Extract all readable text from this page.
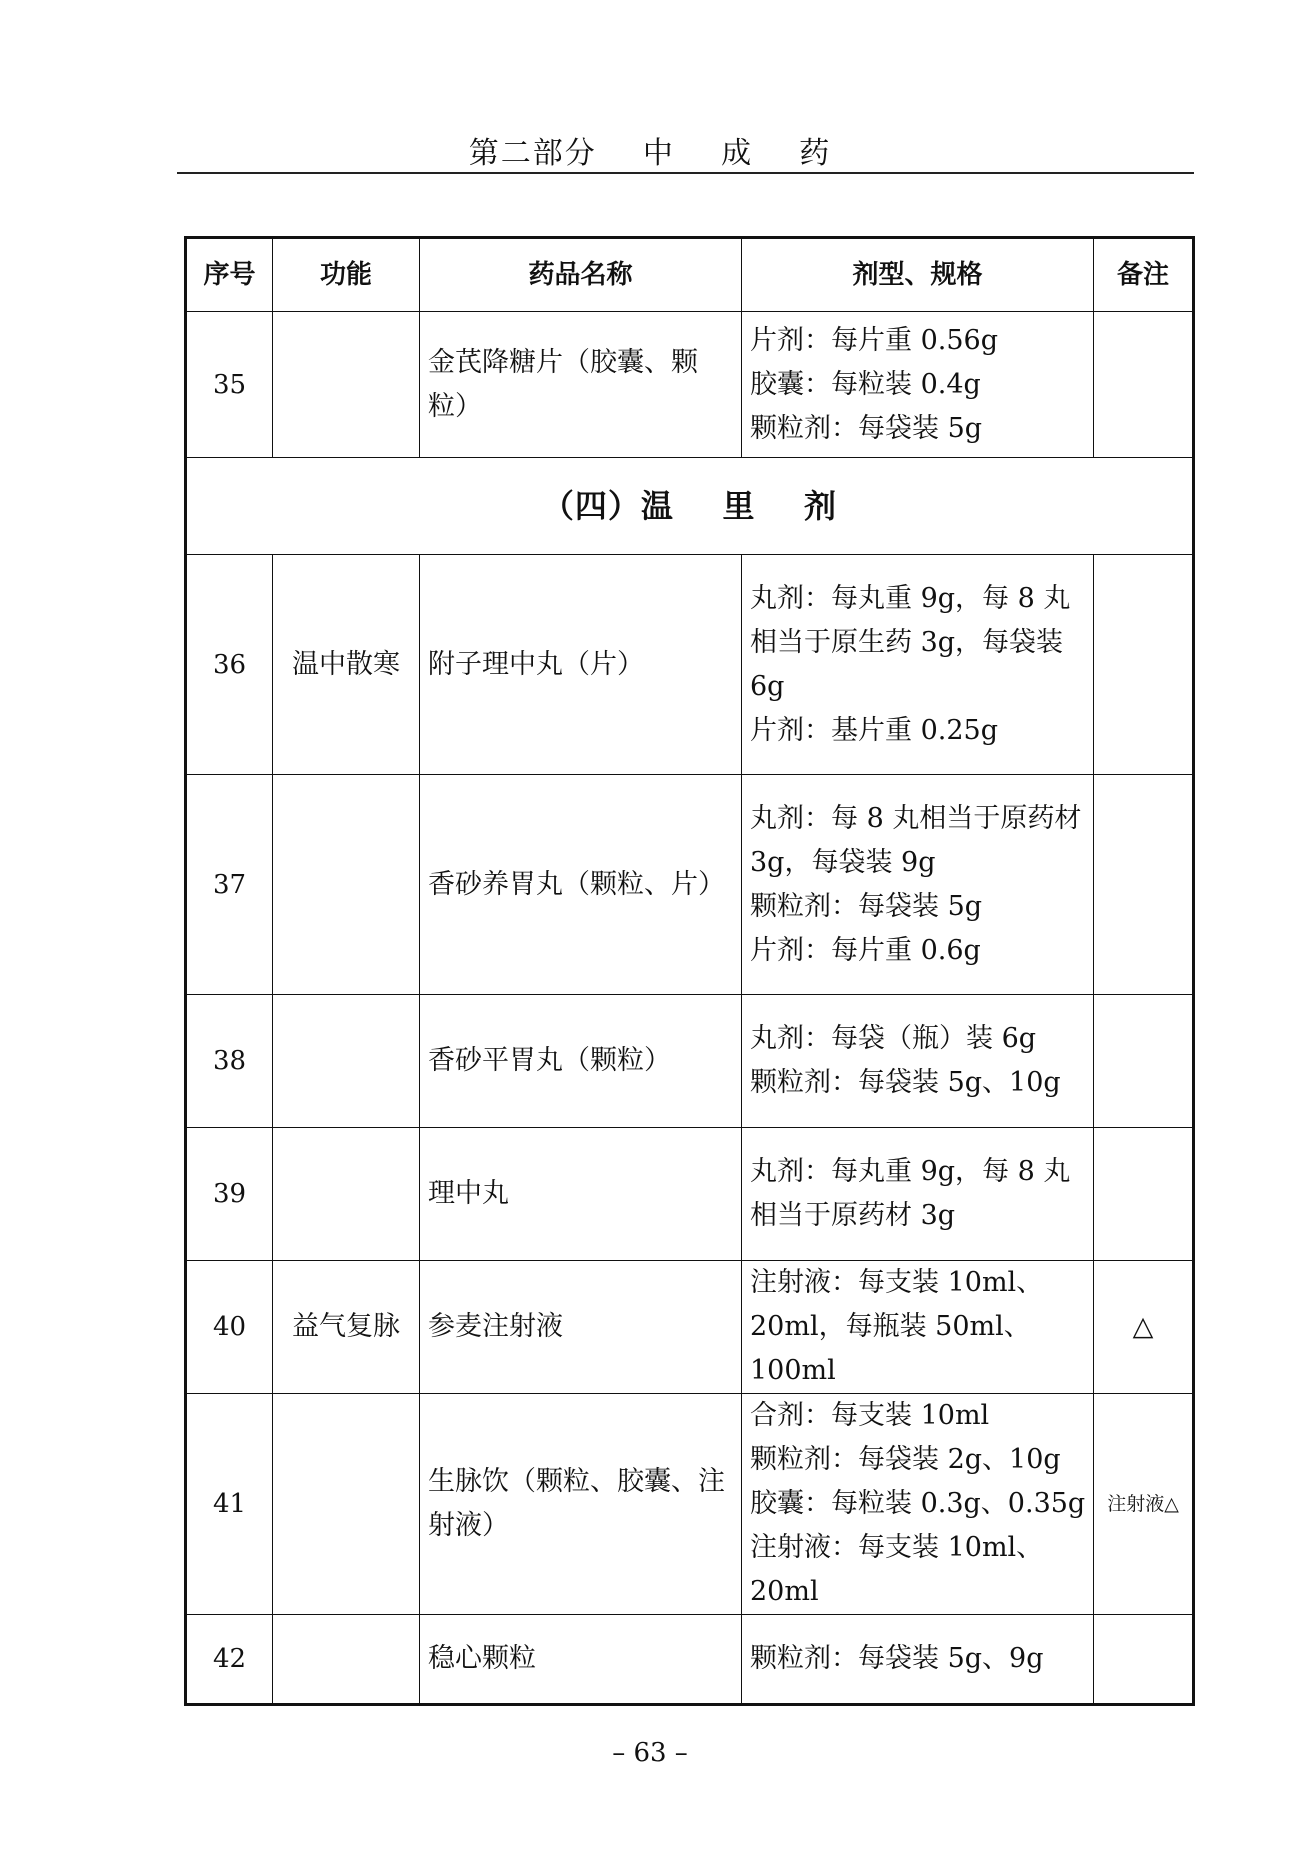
第二部分    中    成    药
序号	功能	药品名称	剂型、规格	备注
35		金芪降糖片（胶囊、颗粒）	片剂：每片重 0.56g
胶囊：每粒装 0.4g
颗粒剂：每袋装 5g	

（四）温    里    剂				
36	温中散寒	附子理中丸（片）	丸剂：每丸重 9g，每 8 丸相当于原生药 3g，每袋装 6g
片剂：基片重 0.25g	

37		香砂养胃丸（颗粒、片）	丸剂：每 8 丸相当于原药材 3g，每袋装 9g
颗粒剂：每袋装 5g
片剂：每片重 0.6g	

38		香砂平胃丸（颗粒）	丸剂：每袋（瓶）装 6g
颗粒剂：每袋装 5g、10g	

39		理中丸	丸剂：每丸重 9g，每 8 丸相当于原药材 3g	

40	益气复脉	参麦注射液	注射液：每支装 10ml、20ml，每瓶装 50ml、100ml	△
41		生脉饮（颗粒、胶囊、注射液）	合剂：每支装 10ml
颗粒剂：每袋装 2g、10g
胶囊：每粒装 0.3g、0.35g
注射液：每支装 10ml、20ml	注射液△
42		稳心颗粒	颗粒剂：每袋装 5g、9g	

– 63 –
